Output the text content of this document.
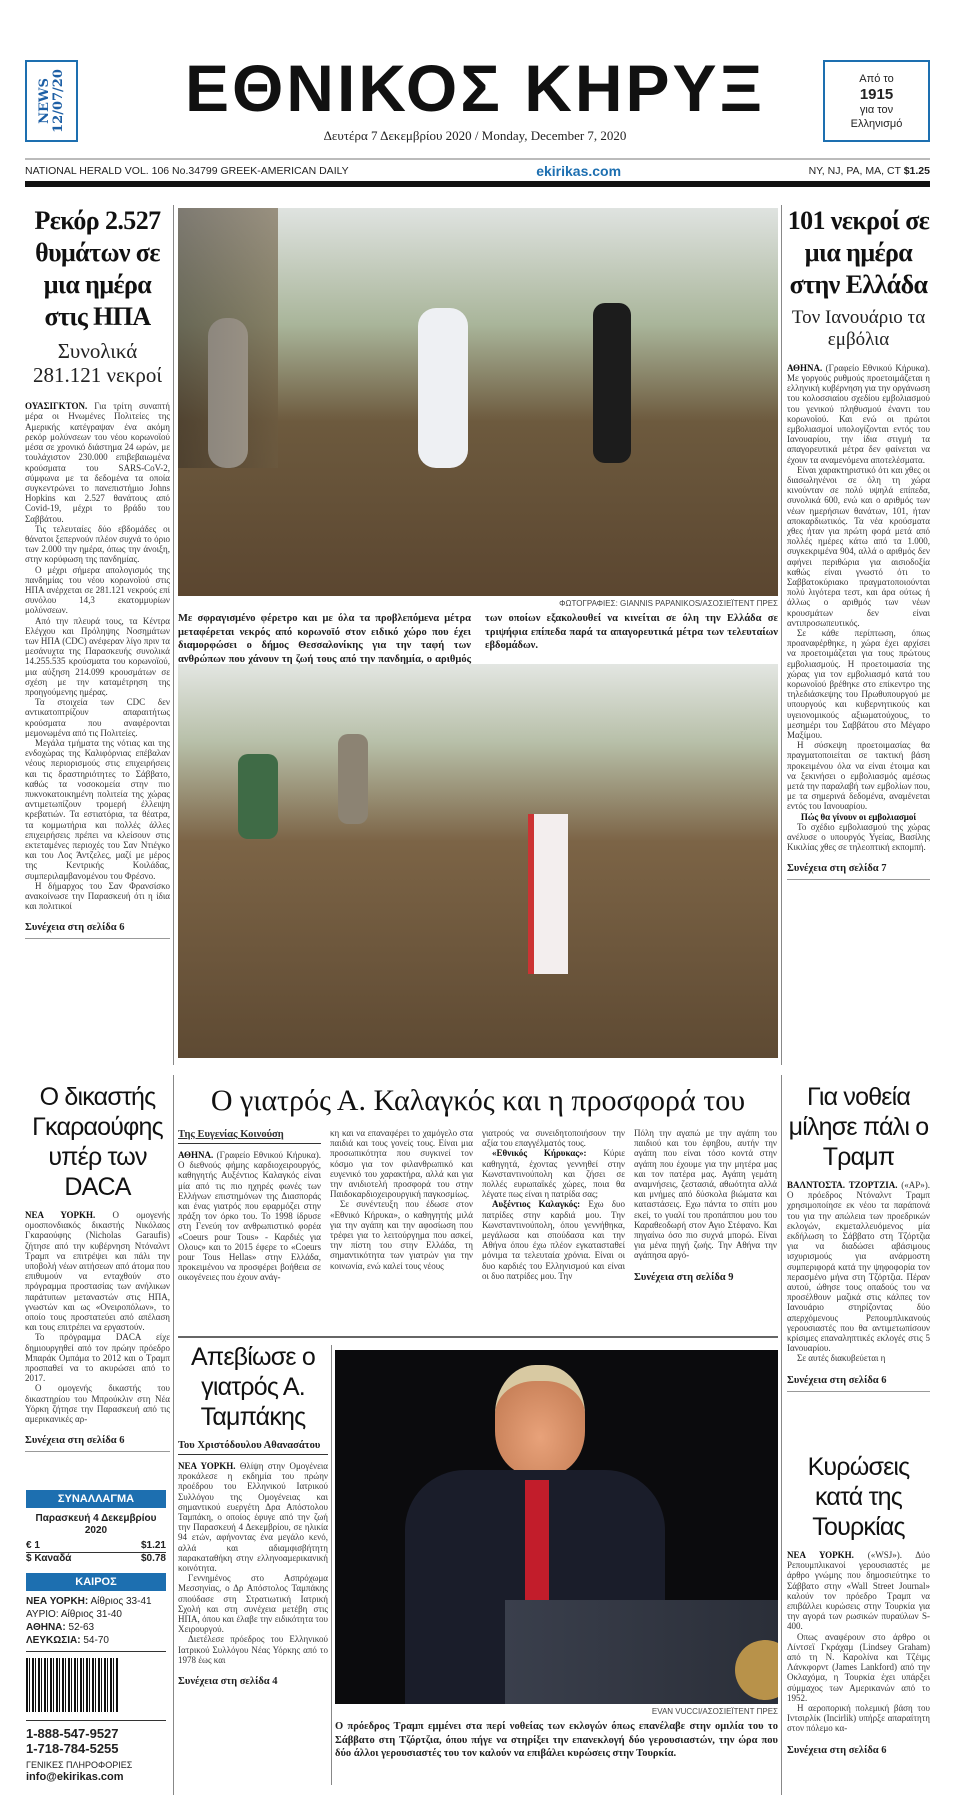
NEWS
12/07/20	ΕΘΝΙΚΟΣ ΚΗΡΥΞ
Δευτέρα 7 Δεκεμβρίου 2020 / Monday, December 7, 2020
Από το
1915
για τον
Ελληνισμό
NATIONAL HERALD VOL. 106 No.34799 GREEK-AMERICAN DAILY	ekirikas.com	NY, NJ, PA, MA, CT $1.25
Ρεκόρ 2.527 θυμάτων σε μια ημέρα στις ΗΠΑ
Συνολικά 281.121 νεκροί

ΟΥΑΣΙΓΚΤΟΝ. Για τρίτη συναπτή μέρα οι Ηνωμένες Πολιτείες της Αμερικής κατέγραψαν ένα ακόμη ρεκόρ μολύνσεων του νέου κορωνοϊού μέσα σε χρονικό διάστημα 24 ωρών, με τουλάχιστον 230.000 επιβεβαιωμένα κρούσματα του SARS-CoV-2, σύμφωνα με τα δεδομένα τα οποία συγκεντρώνει το πανεπιστήμιο Johns Hopkins και 2.527 θανάτους από Covid-19, μέχρι το βράδυ του Σαββάτου.

Τις τελευταίες δύο εβδομάδες οι θάνατοι ξεπερνούν πλέον συχνά το όριο των 2.000 την ημέρα, όπως την άνοιξη, στην κορύφωση της πανδημίας.

Ο μέχρι σήμερα απολογισμός της πανδημίας του νέου κορωνοϊού στις ΗΠΑ ανέρχεται σε 281.121 νεκρούς επί συνόλου 14,3 εκατομμυρίων μολύνσεων.

Από την πλευρά τους, τα Κέντρα Ελέγχου και Πρόληψης Νοσημάτων των ΗΠΑ (CDC) ανέφεραν λίγο πριν τα μεσάνυχτα της Παρασκευής συνολικά 14.255.535 κρούσματα του κορωνοϊού, μια αύξηση 214.099 κρουσμάτων σε σχέση με την καταμέτρηση της προηγούμενης ημέρας.

Τα στοιχεία των CDC δεν αντικατοπτρίζουν απαραιτήτως κρούσματα που αναφέρονται μεμονωμένα από τις Πολιτείες.

Μεγάλα τμήματα της νότιας και της ενδοχώρας της Καλιφόρνιας επέβαλαν νέους περιορισμούς στις επιχειρήσεις και τις δραστηριότητες το Σάββατο, καθώς τα νοσοκομεία στην πιο πυκνοκατοικημένη πολιτεία της χώρας αντιμετωπίζουν τρομερή έλλειψη κρεβατιών. Τα εστιατόρια, τα θέατρα, τα κομμωτήρια και πολλές άλλες επιχειρήσεις πρέπει να κλείσουν στις εκτεταμένες περιοχές του Σαν Ντιέγκο και του Λος Άντζελες, μαζί με μέρος της Κεντρικής Κοιλάδας, συμπεριλαμβανομένου του Φρέσνο.

Η δήμαρχος του Σαν Φρανσίσκο ανακοίνωσε την Παρασκευή ότι η ίδια και πολιτικοί

Συνέχεια στη σελίδα 6
ΦΩΤΟΓΡΑΦΙΕΣ: GIANNIS PAPANIKOS/ΑΣΟΣΙΕΪΤΕΝΤ ΠΡΕΣ
Με σφραγισμένο φέρετρο και με όλα τα προβλεπόμενα μέτρα μεταφέρεται νεκρός από κορωνοϊό στον ειδικό χώρο που έχει διαμορφώσει ο δήμος Θεσσαλονίκης για την ταφή των ανθρώπων που χάνουν τη ζωή τους από την πανδημία, ο αριθμός των οποίων εξακολουθεί να κινείται σε όλη την Ελλάδα σε τριψήφια επίπεδα παρά τα απαγορευτικά μέτρα των τελευταίων εβδομάδων.
101 νεκροί σε μια ημέρα στην Ελλάδα
Τον Ιανουάριο τα εμβόλια

ΑΘΗΝΑ. (Γραφείο Εθνικού Κήρυκα). Με γοργούς ρυθμούς προετοιμάζεται η ελληνική κυβέρνηση για την οργάνωση του κολοσσιαίου σχεδίου εμβολιασμού του γενικού πληθυσμού έναντι του κορωνοϊού. Και ενώ οι πρώτοι εμβολιασμοί υπολογίζονται εντός του Ιανουαρίου, την ίδια στιγμή τα απαγορευτικά μέτρα δεν φαίνεται να έχουν τα αναμενόμενα αποτελέσματα.

Είναι χαρακτηριστικό ότι και χθες οι διασωληνένοι σε όλη τη χώρα κινούνταν σε πολύ υψηλά επίπεδα, συνολικά 600, ενώ και ο αριθμός των νέων ημερήσιων θανάτων, 101, ήταν αποκαρδιωτικός. Τα νέα κρούσματα χθες ήταν για πρώτη φορά μετά από πολλές ημέρες κάτω από τα 1.000, συγκεκριμένα 904, αλλά ο αριθμός δεν αφήνει περιθώρια για αισιοδοξία καθώς είναι γνωστό ότι το Σαββατοκύριακο πραγματοποιούνται πολύ λιγότερα τεστ, και άρα ούτως ή άλλως ο αριθμός των νέων κρουσμάτων δεν είναι αντιπροσωπευτικός.

Σε κάθε περίπτωση, όπως προαναφέρθηκε, η χώρα έχει αρχίσει να προετοιμάζεται για τους πρώτους εμβολιασμούς. Η προετοιμασία της χώρας για τον εμβολιασμό κατά του κορωνοϊού βρέθηκε στο επίκεντρο της τηλεδιάσκεψης του Πρωθυπουργού με υπουργούς και κυβερνητικούς και υγειονομικούς αξιωματούχους, το μεσημέρι του Σαββάτου στο Μέγαρο Μαξίμου.

Η σύσκεψη προετοιμασίας θα πραγματοποιείται σε τακτική βάση προκειμένου όλα να είναι έτοιμα και να ξεκινήσει ο εμβολιασμός αμέσως μετά την παραλαβή των εμβολίων που, με τα σημερινά δεδομένα, αναμένεται εντός του Ιανουαρίου.

Πώς θα γίνουν οι εμβολιασμοί

Το σχέδιο εμβολιασμού της χώρας ανέλυσε ο υπουργός Υγείας, Βασίλης Κικιλίας χθες σε τηλεοπτική εκπομπή.

Συνέχεια στη σελίδα 7
Ο δικαστής Γκαραούφης υπέρ των DACA

ΝΕΑ ΥΟΡΚΗ. Ο ομογενής ομοσπονδιακός δικαστής Νικόλαος Γκαραούφης (Nicholas Garaufis) ζήτησε από την κυβέρνηση Ντόναλντ Τραμπ να επιτρέψει και πάλι την υποβολή νέων αιτήσεων από άτομα που επιθυμούν να ενταχθούν στο πρόγραμμα προστασίας των ανήλικων παράτυπων μεταναστών στις ΗΠΑ, γνωστών και ως «Ονειροπόλων», το οποίο τους προστατεύει από απέλαση και τους επιτρέπει να εργαστούν.

Το πρόγραμμα DACA είχε δημιουργηθεί από τον πρώην πρόεδρο Μπαράκ Ομπάμα το 2012 και ο Τραμπ προσπαθεί να το ακυρώσει από το 2017.

Ο ομογενής δικαστής του δικαστηρίου του Μπρούκλιν στη Νέα Υόρκη ζήτησε την Παρασκευή από τις αμερικανικές αρ-

Συνέχεια στη σελίδα 6
ΣΥΝΑΛΛΑΓΜΑ
Παρασκευή 4 Δεκεμβρίου 2020
€ 1	$1.21
$ Καναδά	$0.78
ΚΑΙΡΟΣ
ΝΕΑ ΥΟΡΚΗ: Αίθριος 33-41
ΑΥΡΙΟ: Αίθριος 31-40
ΑΘΗΝΑ: 52-63
ΛΕΥΚΩΣΙΑ: 54-70
1-888-547-9527
1-718-784-5255
ΓΕΝΙΚΕΣ ΠΛΗΡΟΦΟΡΙΕΣ
info@ekirikas.com
Ο γιατρός Α. Καλαγκός και η προσφορά του
Της Ευγενίας Κοινούση

ΑΘΗΝΑ. (Γραφείο Εθνικού Κήρυκα). Ο διεθνούς φήμης καρδιοχειρουργός, καθηγητής Αυξέντιος Καλαγκός είναι μία από τις πιο ηχηρές φωνές των Ελλήνων επιστημόνων της Διασποράς και ένας γιατρός που εφαρμόζει στην πράξη τον όρκο του. Το 1998 ίδρυσε στη Γενεύη τον ανθρωπιστικό φορέα «Coeurs pour Tous» - Καρδιές για Ολους» και το 2015 έφερε το «Coeurs pour Tous Hellas» στην Ελλάδα, προκειμένου να προσφέρει βοήθεια σε οικογένειες που έχουν ανάγ-

κη και να επαναφέρει το χαμόγελο στα παιδιά και τους γονείς τους. Είναι μια προσωπικότητα που συγκινεί τον κόσμο για τον φιλανθρωπικό και ευγενικό του χαρακτήρα, αλλά και για την ανιδιοτελή προσφορά του στην Παιδοκαρδιοχειρουργική παγκοσμίως.

Σε συνέντευξη που έδωσε στον «Εθνικό Κήρυκα», ο καθηγητής μιλά για την αγάπη και την αφοσίωση που τρέφει για το λειτούργημα που ασκεί, την πίστη του στην Ελλάδα, τη σημαντικότητα των γιατρών για την κοινωνία, ενώ καλεί τους νέους

γιατρούς να συνειδητοποιήσουν την αξία του επαγγέλματός τους.

«Εθνικός Κήρυκας»: Κύριε καθηγητά, έχοντας γεννηθεί στην Κωνσταντινούπολη και ζήσει σε πολλές ευρωπαϊκές χώρες, ποια θα λέγατε πως είναι η πατρίδα σας;

Αυξέντιος Καλαγκός: Εχω δυο πατρίδες στην καρδιά μου. Την Κωνσταντινούπολη, όπου γεννήθηκα, μεγάλωσα και σπούδασα και την Αθήνα όπου έχω πλέον εγκατασταθεί μόνιμα τα τελευταία χρόνια. Είναι οι δυο καρδιές του Ελληνισμού και είναι οι δυο πατρίδες μου. Την

Πόλη την αγαπώ με την αγάπη του παιδιού και του έφηβου, αυτήν την αγάπη που είναι τόσο κοντά στην αγάπη που έχουμε για την μητέρα μας και τον πατέρα μας. Αγάπη γεμάτη αναμνήσεις, ζεστασιά, αθωότητα αλλά και μνήμες από δύσκολα βιώματα και καταστάσεις. Εχω πάντα το σπίτι μου εκεί, το γυαλί του προπάππου μου του Καραθεοδωρή στον Αγιο Στέφανο. Και πηγαίνω όσο πιο συχνά μπορώ. Είναι για μένα πηγή ζωής. Την Αθήνα την αγάπησα αργό-

Συνέχεια στη σελίδα 9
Απεβίωσε ο γιατρός Α. Ταμπάκης
Του Χριστόδουλου Αθανασάτου

ΝΕΑ ΥΟΡΚΗ. Θλίψη στην Ομογένεια προκάλεσε η εκδημία του πρώην προέδρου του Ελληνικού Ιατρικού Συλλόγου της Ομογένειας και σημαντικού ευεργέτη Δρα Απόστολου Ταμπάκη, ο οποίος έφυγε από την ζωή την Παρασκευή 4 Δεκεμβρίου, σε ηλικία 94 ετών, αφήνοντας ένα μεγάλο κενό, αλλά και αδιαμφισβήτητη παρακαταθήκη στην ελληνοαμερικανική κοινότητα.

Γεννημένος στο Ασπρόχωμα Μεσσηνίας, ο Δρ Απόστολος Ταμπάκης σπούδασε στη Στρατιωτική Ιατρική Σχολή και στη συνέχεια μετέβη στις ΗΠΑ, όπου και έλαβε την ειδικότητα του Χειρουργού.

Διετέλεσε πρόεδρος του Ελληνικού Ιατρικού Συλλόγου Νέας Υόρκης από το 1978 έως και

Συνέχεια στη σελίδα 4
EVAN VUCCI/ΑΣΟΣΙΕΪΤΕΝΤ ΠΡΕΣ
Ο πρόεδρος Τραμπ εμμένει στα περί νοθείας των εκλογών όπως επανέλαβε στην ομιλία του το Σάββατο στη Τζόρτζια, όπου πήγε να στηρίξει την επανεκλογή δύο γερουσιαστών, την ώρα που δύο άλλοι γερουσιαστές του τον καλούν να επιβάλει κυρώσεις στην Τουρκία.
Για νοθεία μίλησε πάλι ο Τραμπ

ΒΑΛΝΤΟΣΤΑ. ΤΖΟΡΤΖΙΑ. («ΑΡ»). Ο πρόεδρος Ντόναλντ Τραμπ χρησιμοποίησε εκ νέου τα παράπονά του για την απώλεια των προεδρικών εκλογών, εκμεταλλευόμενος μία εκδήλωση το Σάββατο στη Τζόρτζια για να διαδώσει αβάσιμους ισχυρισμούς για ανάρμοστη συμπεριφορά κατά την ψηφοφορία τον περασμένο μήνα στη Τζόρτζια. Πέραν αυτού, ώθησε τους οπαδούς του να προσέλθουν μαζικά στις κάλπες τον Ιανουάριο στηρίζοντας δύο απερχόμενους Ρεπουμπλικανούς γερουσιαστές που θα αντιμετωπίσουν κρίσιμες επαναληπτικές εκλογές στις 5 Ιανουαρίου.

Σε αυτές διακυβεύεται η

Συνέχεια στη σελίδα 6
Κυρώσεις κατά της Τουρκίας

ΝΕΑ ΥΟΡΚΗ. («WSJ»). Δύο Ρεπουμπλικανοί γερουσιαστές με άρθρο γνώμης που δημοσιεύτηκε το Σάββατο στην «Wall Street Journal» καλούν τον πρόεδρο Τραμπ να επιβάλλει κυρώσεις στην Τουρκία για την αγορά των ρωσικών πυραύλων S-400.

Οπως αναφέρουν στο άρθρο οι Λίντσεϊ Γκράχαμ (Lindsey Graham) από τη Ν. Καρολίνα και Τζέιμς Λάνκφορντ (James Lankford) από την Οκλαχόμα, η Τουρκία έχει υπάρξει σύμμαχος των Αμερικανών από το 1952.

Η αεροπορική πολεμική βάση του Ιντσιρλίκ (Incirlik) υπήρξε απαραίτητη στον πόλεμο κα-

Συνέχεια στη σελίδα 6
